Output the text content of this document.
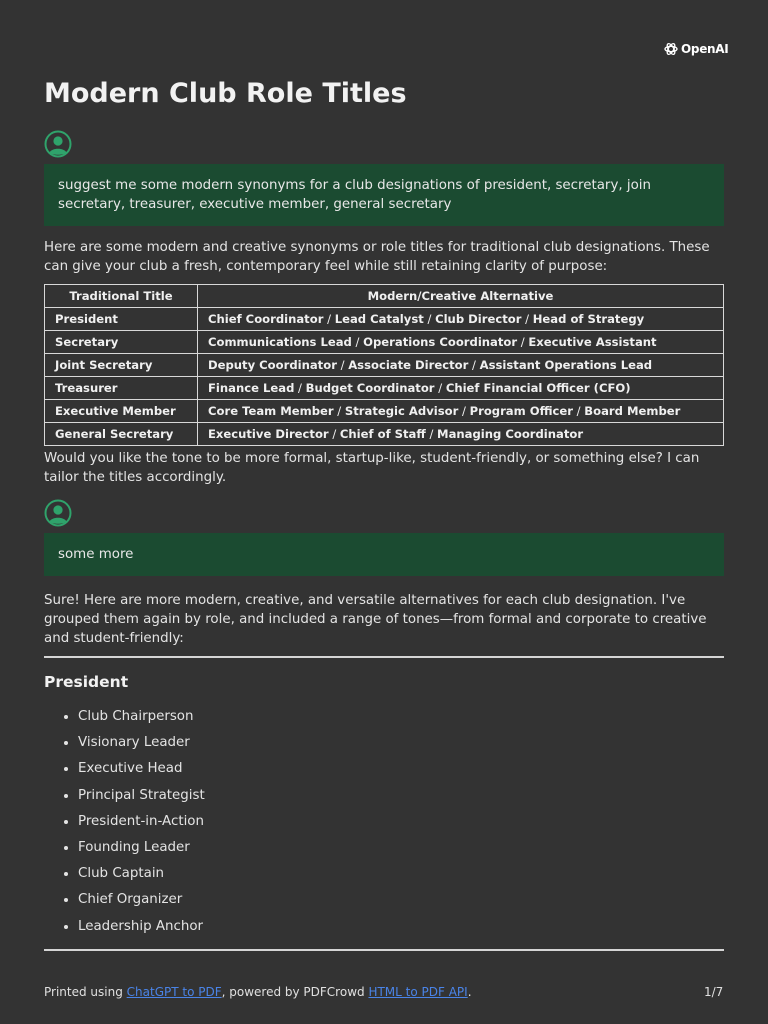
OpenAI
Modern Club Role Titles
suggest me some modern synonyms for a club designations of president, secretary, join secretary, treasurer, executive member, general secretary

Here are some modern and creative synonyms or role titles for traditional club designations. These can give your club a fresh, contemporary feel while still retaining clarity of purpose:

Traditional Title	Modern/Creative Alternative
President	Chief Coordinator / Lead Catalyst / Club Director / Head of Strategy
Secretary	Communications Lead / Operations Coordinator / Executive Assistant
Joint Secretary	Deputy Coordinator / Associate Director / Assistant Operations Lead
Treasurer	Finance Lead / Budget Coordinator / Chief Financial Officer (CFO)
Executive Member	Core Team Member / Strategic Advisor / Program Officer / Board Member
General Secretary	Executive Director / Chief of Staff / Managing Coordinator

Would you like the tone to be more formal, startup-like, student-friendly, or something else? I can tailor the titles accordingly.

some more

Sure! Here are more modern, creative, and versatile alternatives for each club designation. I've grouped them again by role, and included a range of tones—from formal and corporate to creative and student-friendly:

President
• Club Chairperson
• Visionary Leader
• Executive Head
• Principal Strategist
• President-in-Action
• Founding Leader
• Club Captain
• Chief Organizer
• Leadership Anchor
Printed using ChatGPT to PDF, powered by PDFCrowd HTML to PDF API.	1/7
